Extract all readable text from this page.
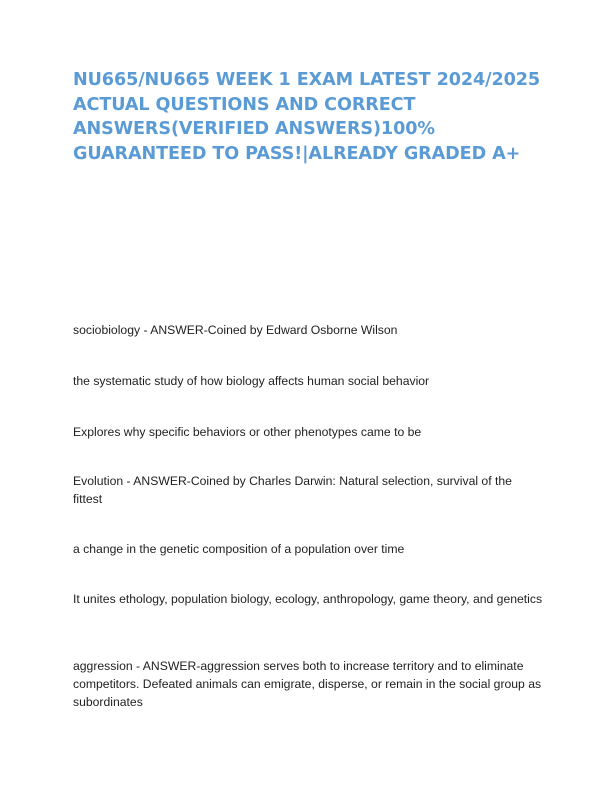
NU665/NU665 WEEK 1 EXAM LATEST 2024/2025 ACTUAL QUESTIONS AND CORRECT ANSWERS(VERIFIED ANSWERS)100% GUARANTEED TO PASS!|ALREADY GRADED A+

sociobiology - ANSWER-Coined by Edward Osborne Wilson

the systematic study of how biology affects human social behavior

Explores why specific behaviors or other phenotypes came to be

Evolution - ANSWER-Coined by Charles Darwin: Natural selection, survival of the fittest

a change in the genetic composition of a population over time

It unites ethology, population biology, ecology, anthropology, game theory, and genetics

aggression - ANSWER-aggression serves both to increase territory and to eliminate competitors. Defeated animals can emigrate, disperse, or remain in the social group as subordinates
